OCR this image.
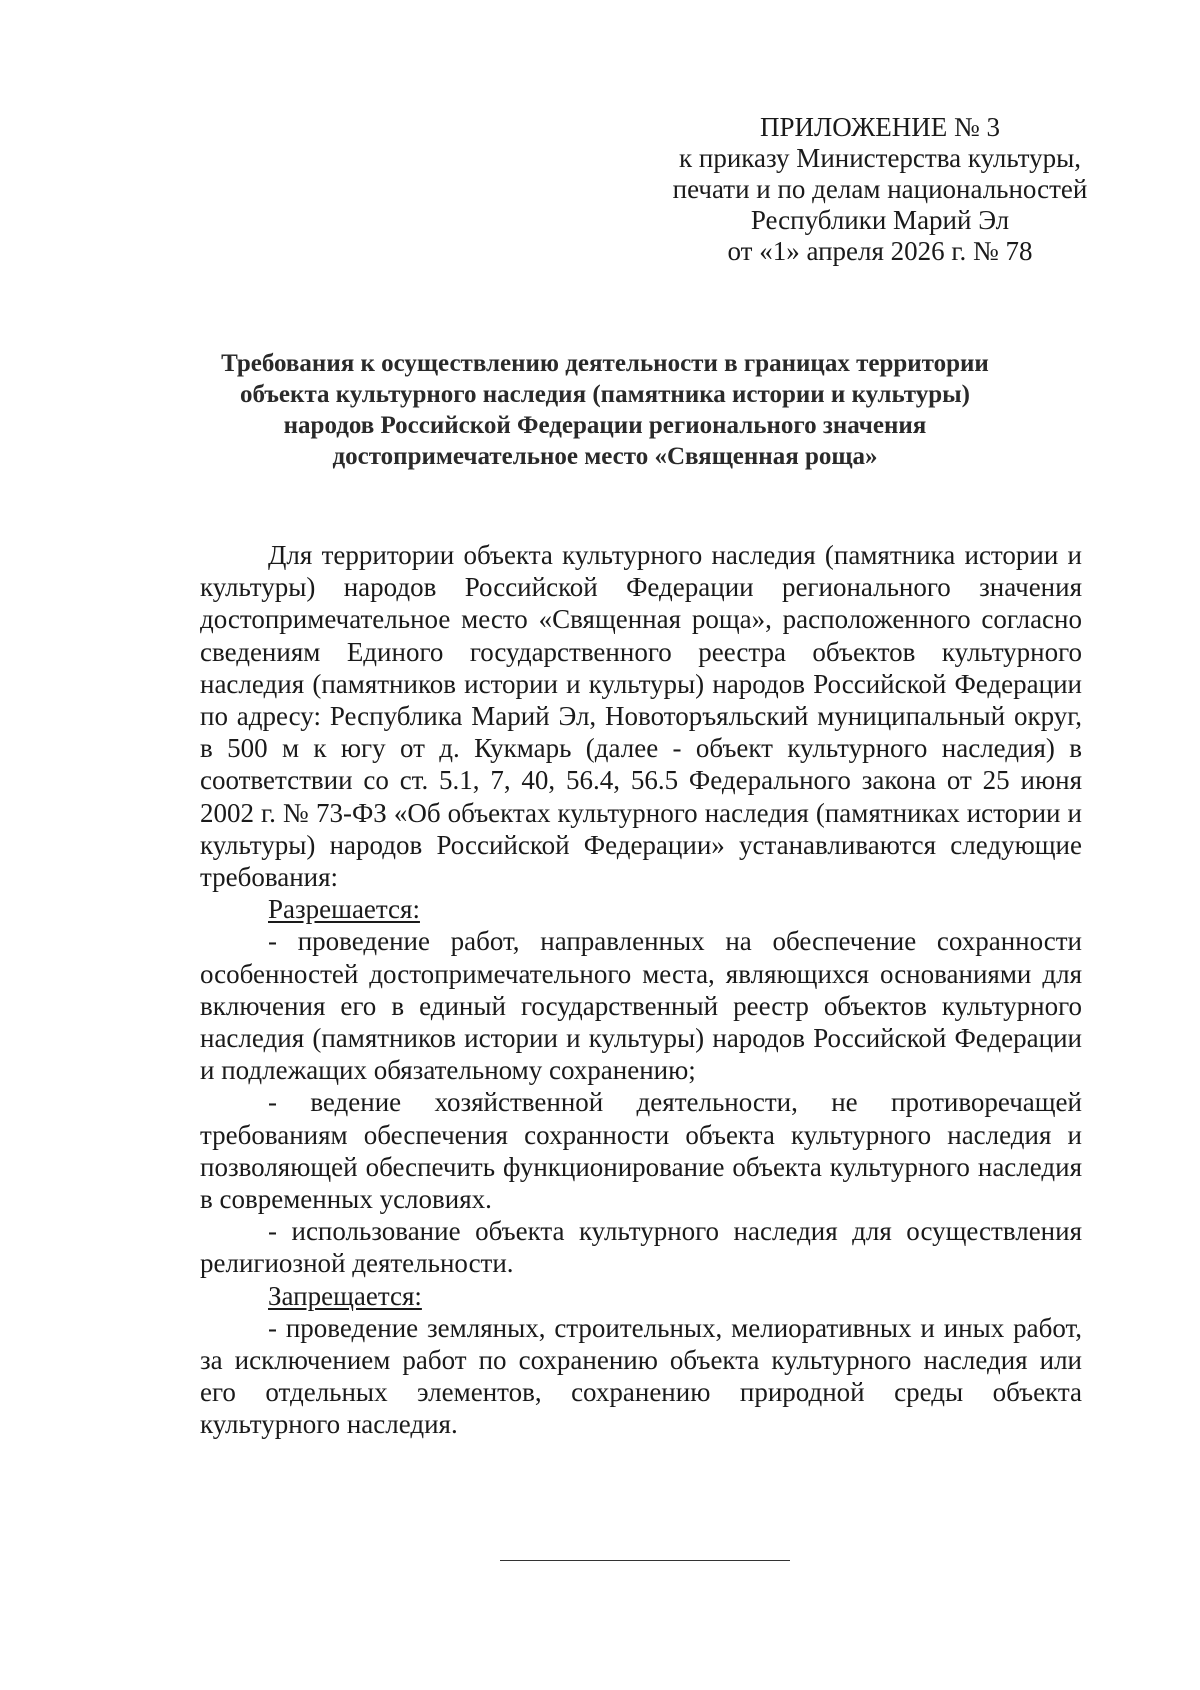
ПРИЛОЖЕНИЕ № 3
к приказу Министерства культуры,
печати и по делам национальностей
Республики Марий Эл
от «1» апреля 2026 г. № 78
Требования к осуществлению деятельности в границах территории
объекта культурного наследия (памятника истории и культуры)
народов Российской Федерации регионального значения
достопримечательное место «Священная роща»

Для территории объекта культурного наследия (памятника истории и культуры) народов Российской Федерации регионального значения достопримечательное место «Священная роща», расположенного согласно сведениям Единого государственного реестра объектов культурного наследия (памятников истории и культуры) народов Российской Федерации по адресу: Республика Марий Эл, Новоторъяльский муниципальный округ, в 500 м к югу от д. Кукмарь (далее - объект культурного наследия) в соответствии со ст. 5.1, 7, 40, 56.4, 56.5 Федерального закона от 25 июня 2002 г. № 73-ФЗ «Об объектах культурного наследия (памятниках истории и культуры) народов Российской Федерации» устанавливаются следующие требования:

Разрешается:

- проведение работ, направленных на обеспечение сохранности особенностей достопримечательного места, являющихся основаниями для включения его в единый государственный реестр объектов культурного наследия (памятников истории и культуры) народов Российской Федерации и подлежащих обязательному сохранению;

- ведение хозяйственной деятельности, не противоречащей требованиям обеспечения сохранности объекта культурного наследия и позволяющей обеспечить функционирование объекта культурного наследия в современных условиях.

- использование объекта культурного наследия для осуществления религиозной деятельности.

Запрещается:

- проведение земляных, строительных, мелиоративных и иных работ, за исключением работ по сохранению объекта культурного наследия или его отдельных элементов, сохранению природной среды объекта культурного наследия.
